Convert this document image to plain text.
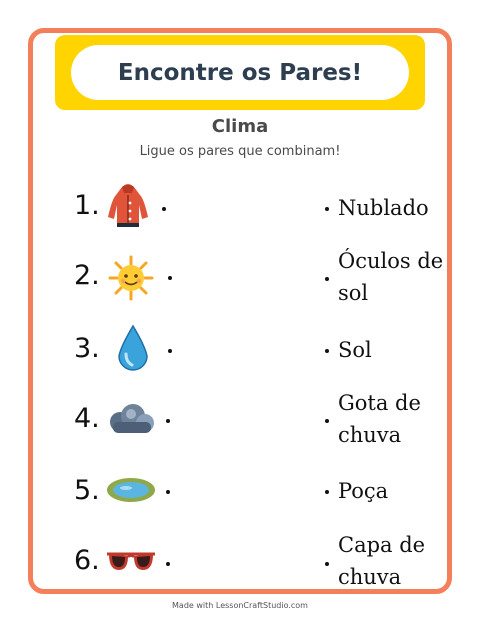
Encontre os Pares!
Clima
Ligue os pares que combinam!
1.	Nublado
2.	Óculos de
sol
3.	Sol
4.	Gota de
chuva
5.	Poça
6.	Capa de
chuva
Made with LessonCraftStudio.com
